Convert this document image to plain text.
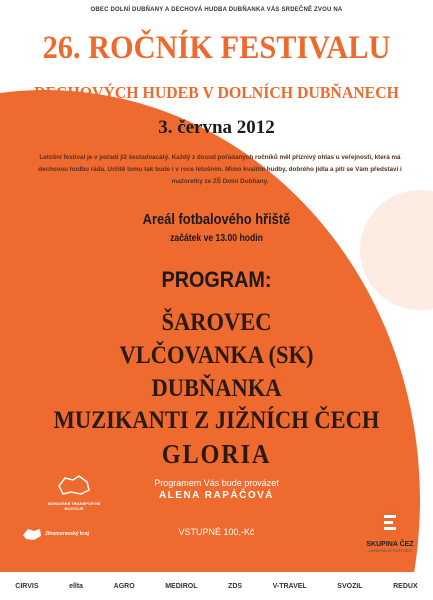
OBEC DOLNÍ DUBŇANY A DECHOVÁ HUDBA DUBŇANKA VÁS SRDEČNĚ ZVOU NA
26. ROČNÍK FESTIVALU
DECHOVÝCH HUDEB V DOLNÍCH DUBŇANECH
3. června 2012
Letošní festival je v pořadí již šestadvacátý. Každý z dosud pořádaných ročníků měl příznivý ohlas u veřejnosti, která má dechovou hudbu ráda. Určitě tomu tak bude i v roce letošním. Mimo kvalitní hudby, dobrého jídla a pití se Vám představí i mažoretky ze ZŠ Dolní Dubňany.
Areál fotbalového hřiště
začátek ve 13.00 hodin
PROGRAM:
ŠAROVEC
VLČOVANKA (SK)
DUBŇANKA
MUZIKANTI Z JIŽNÍCH ČECH
GLORIA
Programem Vás bude provázet
ALENA RAPÁČOVÁ
VSTUPNÉ 100,-Kč
MORAVSKÉ TRANSPORTNÍ ROZVOJE
Jihomoravský kraj
SKUPINA ČEZ
GENERÁLNÍ PARTNER
CIRVIS	ellta	AGRO	MEDIROL	ZDS	V-TRAVEL	SVOZIL	REDUX
